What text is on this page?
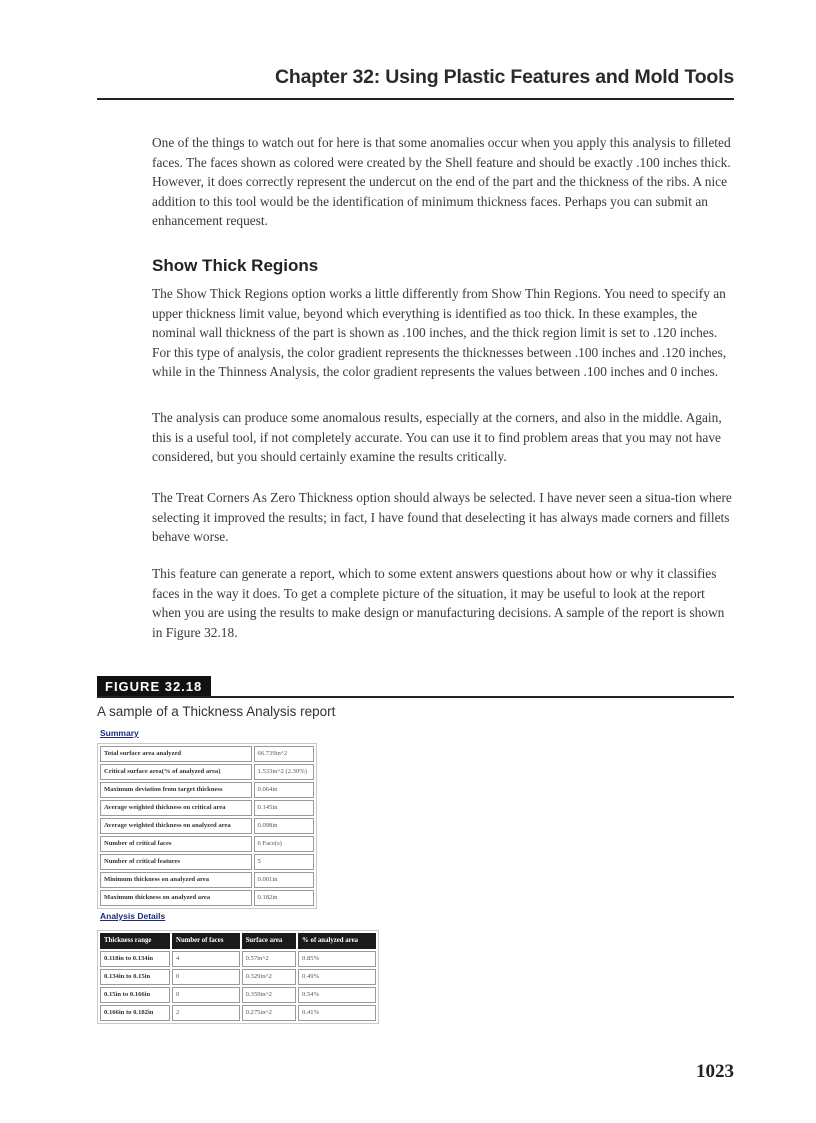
Chapter 32: Using Plastic Features and Mold Tools

One of the things to watch out for here is that some anomalies occur when you apply this analysis to filleted faces. The faces shown as colored were created by the Shell feature and should be exactly .100 inches thick. However, it does correctly represent the undercut on the end of the part and the thickness of the ribs. A nice addition to this tool would be the identification of minimum thickness faces. Perhaps you can submit an enhancement request.

Show Thick Regions

The Show Thick Regions option works a little differently from Show Thin Regions. You need to specify an upper thickness limit value, beyond which everything is identified as too thick. In these examples, the nominal wall thickness of the part is shown as .100 inches, and the thick region limit is set to .120 inches. For this type of analysis, the color gradient represents the thicknesses between .100 inches and .120 inches, while in the Thinness Analysis, the color gradient represents the values between .100 inches and 0 inches.

The analysis can produce some anomalous results, especially at the corners, and also in the middle. Again, this is a useful tool, if not completely accurate. You can use it to find problem areas that you may not have considered, but you should certainly examine the results critically.

The Treat Corners As Zero Thickness option should always be selected. I have never seen a situa-tion where selecting it improved the results; in fact, I have found that deselecting it has always made corners and fillets behave worse.

This feature can generate a report, which to some extent answers questions about how or why it classifies faces in the way it does. To get a complete picture of the situation, it may be useful to look at the report when you are using the results to make design or manufacturing decisions. A sample of the report is shown in Figure 32.18.

FIGURE 32.18
A sample of a Thickness Analysis report
Summary
Total surface area analyzed	66.739in^2
Critical surface area(% of analyzed area)	1.533in^2 (2.30%)
Maximum deviation from target thickness	0.064in
Average weighted thickness on critical area	0.145in
Average weighted thickness on analyzed area	0.098in
Number of critical faces	6 Face(s)
Number of critical features	5
Minimum thickness on analyzed area	0.001in
Maximum thickness on analyzed area	0.182in
Analysis Details
Thickness range	Number of faces	Surface area	% of analyzed area
0.118in to 0.134in	4	0.57in^2	0.85%
0.134in to 0.15in	0	0.329in^2	0.49%
0.15in to 0.166in	0	0.359in^2	0.54%
0.166in to 0.182in	2	0.275in^2	0.41%
1023
